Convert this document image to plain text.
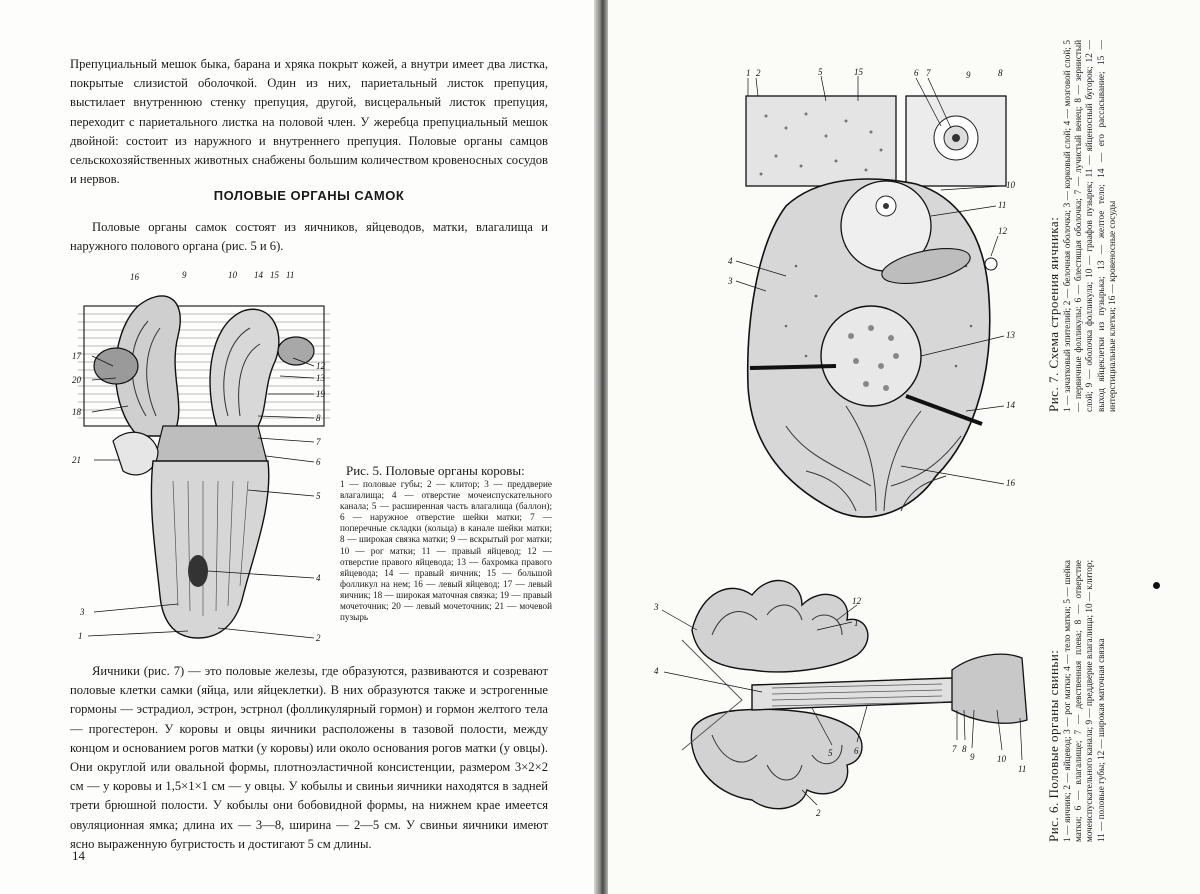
Препуциальный мешок быка, барана и хряка покрыт кожей, а внутри имеет два листка, покрытые слизистой оболочкой. Один из них, париетальный листок препуция, выстилает внутреннюю стенку препуция, другой, висцеральный листок препуция, переходит с париетального листка на половой член. У жеребца препуциальный мешок двойной: состоит из наружного и внутреннего препуция. Половые органы самцов сельскохозяйственных животных снабжены большим количеством кровеносных сосудов и нервов.

ПОЛОВЫЕ ОРГАНЫ САМОК

Половые органы самок состоят из яичников, яйцеводов, матки, влагалища и наружного полового органа (рис. 5 и 6).

16	9	10 14 15 11
17
20
12
13
19
18
8
7
21	6
5
4
3
1	2
Рис. 5. Половые органы коровы:
1 — половые губы; 2 — клитор; 3 — преддверие влагалища; 4 — отверстие мочеиспускательного канала; 5 — расширенная часть влагалища (баллон); 6 — наружное отверстие шейки матки; 7 — поперечные складки (кольца) в канале шейки матки; 8 — широкая связка матки; 9 — вскрытый рог матки; 10 — рог матки; 11 — правый яйцевод; 12 — отверстие правого яйцевода; 13 — бахромка правого яйцевода; 14 — правый яичник; 15 — большой фолликул на нем; 16 — левый яйцевод; 17 — левый яичник; 18 — широкая маточная связка; 19 — правый мочеточник; 20 — левый мочеточник; 21 — мочевой пузырь

Яичники (рис. 7) — это половые железы, где образуются, развиваются и созревают половые клетки самки (яйца, или яйцеклетки). В них образуются также и эстрогенные гормоны — эстрадиол, эстрон, эстрнол (фолликулярный гормон) и гормон желтого тела — прогестерон. У коровы и овцы яичники расположены в тазовой полости, между концом и основанием рогов матки (у коровы) или около основания рогов матки (у овцы). Они округлой или овальной формы, плотноэластичной консистенции, размером 3×2×2 см — у коровы и 1,5×1×1 см — у овцы. У кобылы и свиньи яичники находятся в задней трети брюшной полости. У кобылы они бобовидной формы, на нижнем крае имеется овуляционная ямка; длина их — 3—8, ширина — 2—5 см. У свиньи яичники имеют ясно выраженную бугристость и достигают 5 см длины.

14
1 2	5	15	6 7	8
10
11
12
4
3
13
14
16
9
3
12
1
4
5 6	7 8
9	10
11
2
Рис. 7. Схема строения яичника:
1 — зачатковый эпителий; 2 — белочная оболочка; 3 — корковый слой; 4 — мозговой слой; 5 — первичные фолликулы; 6 — блестящая оболочка; 7 — лучистый венец; 8 — зернистый слой; 9 — оболочка фолликула; 10 — граафов пузырек; 11 — яйценосный бугорок; 12 — выход яйцеклетки из пузырька; 13 — желтое тело; 14 — его рассасывание; 15 — интерстициальные клетки; 16 — кровеносные сосуды
Рис. 6. Половые органы свиньи:
1 — яичник; 2 — яйцевод; 3 — рог матки; 4 — тело матки; 5 — шейка матки; 6 — влагалище; 7 — девственная плева; 8 — отверстие мочеиспускательного канала; 9 — преддверие влагалища; 10 — клитор; 11 — половые губы; 12 — широкая маточная связка
